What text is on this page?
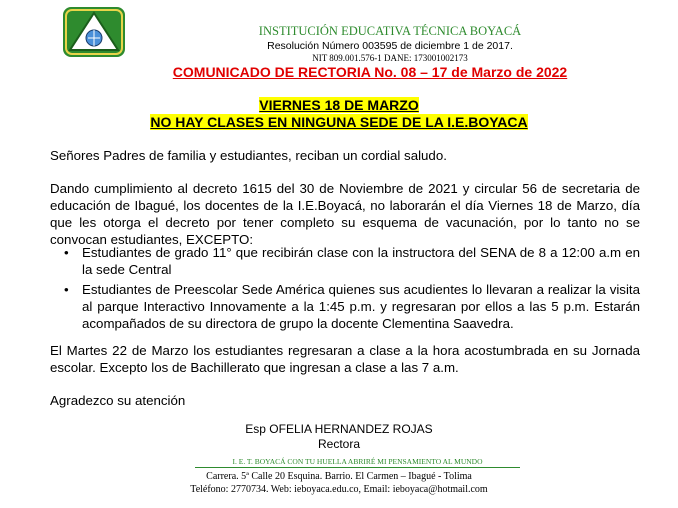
INSTITUCIÓN EDUCATIVA TÉCNICA BOYACÁ
Resolución Número 003595 de diciembre 1 de 2017.
NIT 809.001.576-1 DANE: 173001002173
COMUNICADO DE RECTORIA No. 08 – 17 de Marzo de 2022
VIERNES 18 DE MARZO
NO HAY CLASES EN NINGUNA SEDE DE LA I.E.BOYACA
Señores Padres de familia y estudiantes, reciban un cordial saludo.
Dando cumplimiento al decreto 1615 del 30 de Noviembre de 2021 y circular 56 de secretaria de educación de Ibagué, los docentes de la I.E.Boyacá, no laborarán el día Viernes 18 de Marzo, día que les otorga el decreto por tener completo su esquema de vacunación, por lo tanto no se convocan estudiantes, EXCEPTO:
• Estudiantes de grado 11° que recibirán clase con la instructora del SENA de 8 a 12:00 a.m en la sede Central
• Estudiantes de Preescolar Sede América quienes sus acudientes lo llevaran a realizar la visita al parque Interactivo Innovamente a la 1:45 p.m. y regresaran por ellos a las 5 p.m. Estarán acompañados de su directora de grupo la docente Clementina Saavedra.
El Martes 22 de Marzo los estudiantes regresaran a clase a la hora acostumbrada en su Jornada escolar. Excepto los de Bachillerato que ingresan a clase a las 7 a.m.
Agradezco su atención
Esp OFELIA HERNANDEZ ROJAS
Rectora
I. E. T. BOYACÁ CON TU HUELLA ABRIRÉ MI PENSAMIENTO AL MUNDO
Carrera. 5ª Calle 20 Esquina. Barrio. El Carmen – Ibagué - Tolima
Teléfono: 2770734. Web: ieboyaca.edu.co, Email: ieboyaca@hotmail.com
